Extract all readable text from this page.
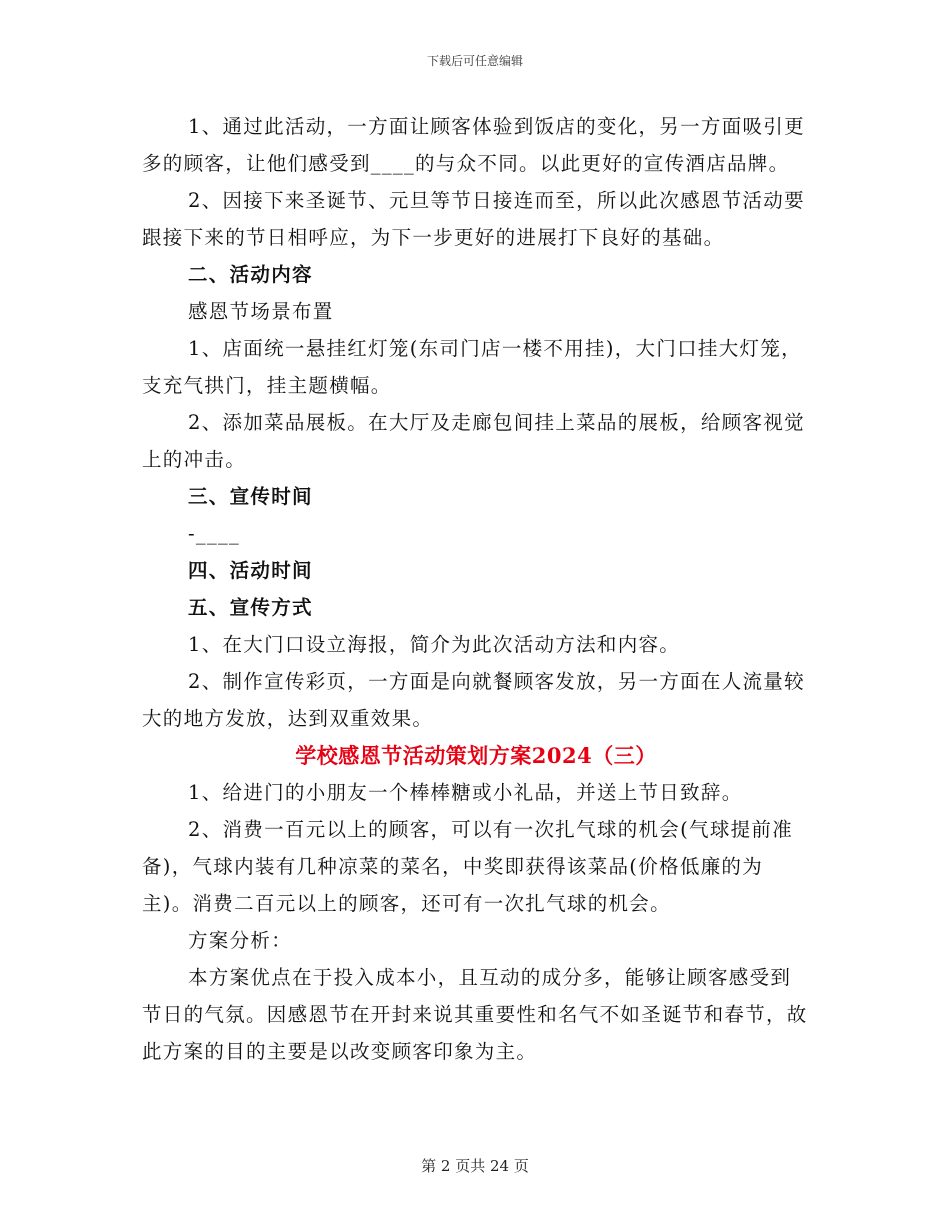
下载后可任意编辑

1、通过此活动，一方面让顾客体验到饭店的变化，另一方面吸引更多的顾客，让他们感受到____的与众不同。以此更好的宣传酒店品牌。

2、因接下来圣诞节、元旦等节日接连而至，所以此次感恩节活动要跟接下来的节日相呼应，为下一步更好的进展打下良好的基础。

二、活动内容

感恩节场景布置

1、店面统一悬挂红灯笼(东司门店一楼不用挂)，大门口挂大灯笼，支充气拱门，挂主题横幅。

2、添加菜品展板。在大厅及走廊包间挂上菜品的展板，给顾客视觉上的冲击。

三、宣传时间

-____

四、活动时间

五、宣传方式

1、在大门口设立海报，简介为此次活动方法和内容。

2、制作宣传彩页，一方面是向就餐顾客发放，另一方面在人流量较大的地方发放，达到双重效果。

学校感恩节活动策划方案2024（三）

1、给进门的小朋友一个棒棒糖或小礼品，并送上节日致辞。

2、消费一百元以上的顾客，可以有一次扎气球的机会(气球提前准备)，气球内装有几种凉菜的菜名，中奖即获得该菜品(价格低廉的为主)。消费二百元以上的顾客，还可有一次扎气球的机会。

方案分析：

本方案优点在于投入成本小，且互动的成分多，能够让顾客感受到节日的气氛。因感恩节在开封来说其重要性和名气不如圣诞节和春节，故此方案的目的主要是以改变顾客印象为主。

第 2 页共 24 页
